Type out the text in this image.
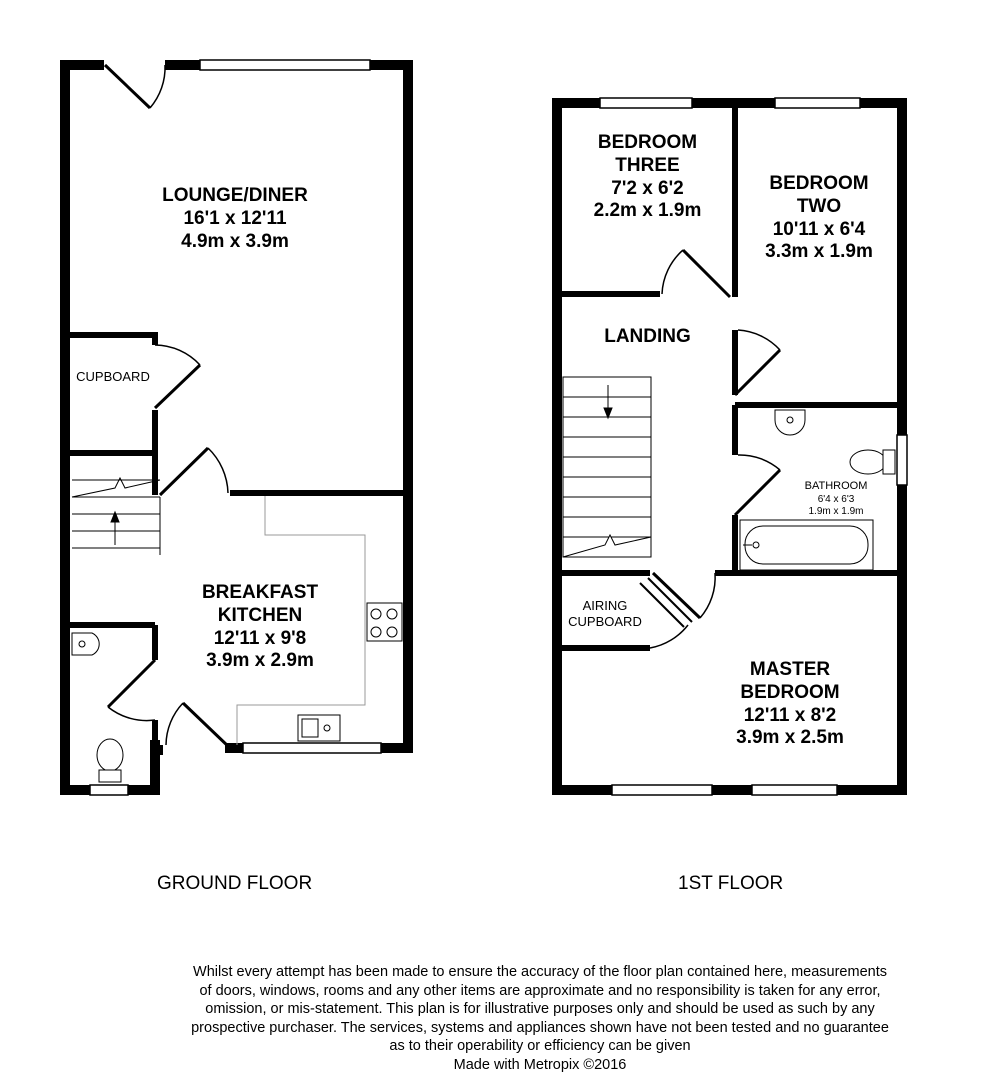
LOUNGE/DINER
16'1 x 12'11
4.9m x 3.9m
CUPBOARD
BREAKFAST
KITCHEN
12'11 x 9'8
3.9m x 2.9m
BEDROOM
THREE
7'2 x 6'2
2.2m x 1.9m
BEDROOM
TWO
10'11 x 6'4
3.3m x 1.9m
LANDING
BATHROOM
6'4 x 6'3
1.9m x 1.9m
AIRING
CUPBOARD
MASTER
BEDROOM
12'11 x 8'2
3.9m x 2.5m
GROUND FLOOR	1ST FLOOR
Whilst every attempt has been made to ensure the accuracy of the floor plan contained here, measurements
of doors, windows, rooms and any other items are approximate and no responsibility is taken for any error,
omission, or mis-statement. This plan is for illustrative purposes only and should be used as such by any
prospective purchaser. The services, systems and appliances shown have not been tested and no guarantee
as to their operability or efficiency can be given
Made with Metropix ©2016
